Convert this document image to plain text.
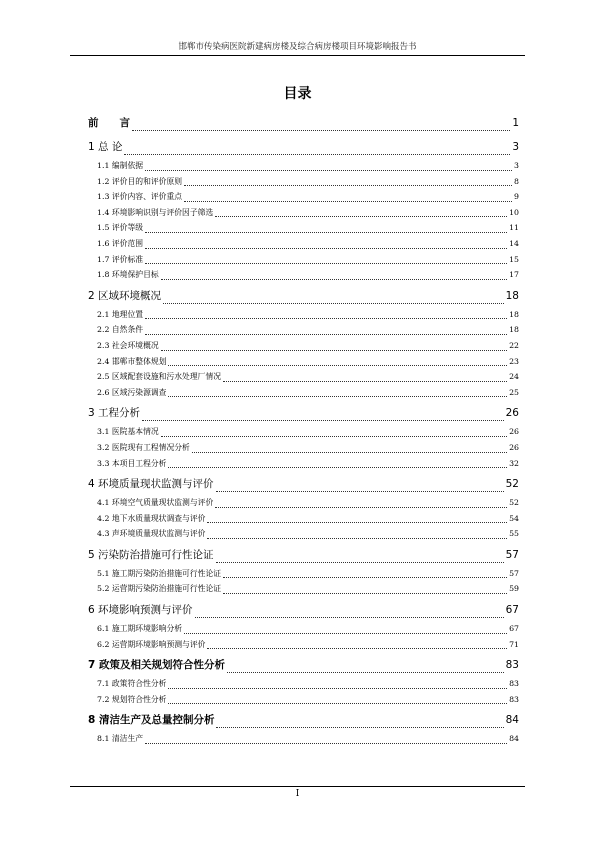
邯郸市传染病医院新建病房楼及综合病房楼项目环境影响报告书
目录
前　　言	1
1 总 论	3
1.1 编制依据	3
1.2 评价目的和评价原则	8
1.3 评价内容、评价重点	9
1.4 环境影响识别与评价因子筛选	10
1.5 评价等级	11
1.6 评价范围	14
1.7 评价标准	15
1.8 环境保护目标	17
2 区域环境概况	18
2.1 地理位置	18
2.2 自然条件	18
2.3 社会环境概况	22
2.4 邯郸市整体规划	23
2.5 区域配套设施和污水处理厂情况	24
2.6 区域污染源调查	25
3 工程分析	26
3.1 医院基本情况	26
3.2 医院现有工程情况分析	26
3.3 本项目工程分析	32
4 环境质量现状监测与评价	52
4.1 环境空气质量现状监测与评价	52
4.2 地下水质量现状调查与评价	54
4.3 声环境质量现状监测与评价	55
5 污染防治措施可行性论证	57
5.1 施工期污染防治措施可行性论证	57
5.2 运营期污染防治措施可行性论证	59
6 环境影响预测与评价	67
6.1 施工期环境影响分析	67
6.2 运营期环境影响预测与评价	71
7 政策及相关规划符合性分析	83
7.1 政策符合性分析	83
7.2 规划符合性分析	83
8 清洁生产及总量控制分析	84
8.1 清洁生产	84
I
